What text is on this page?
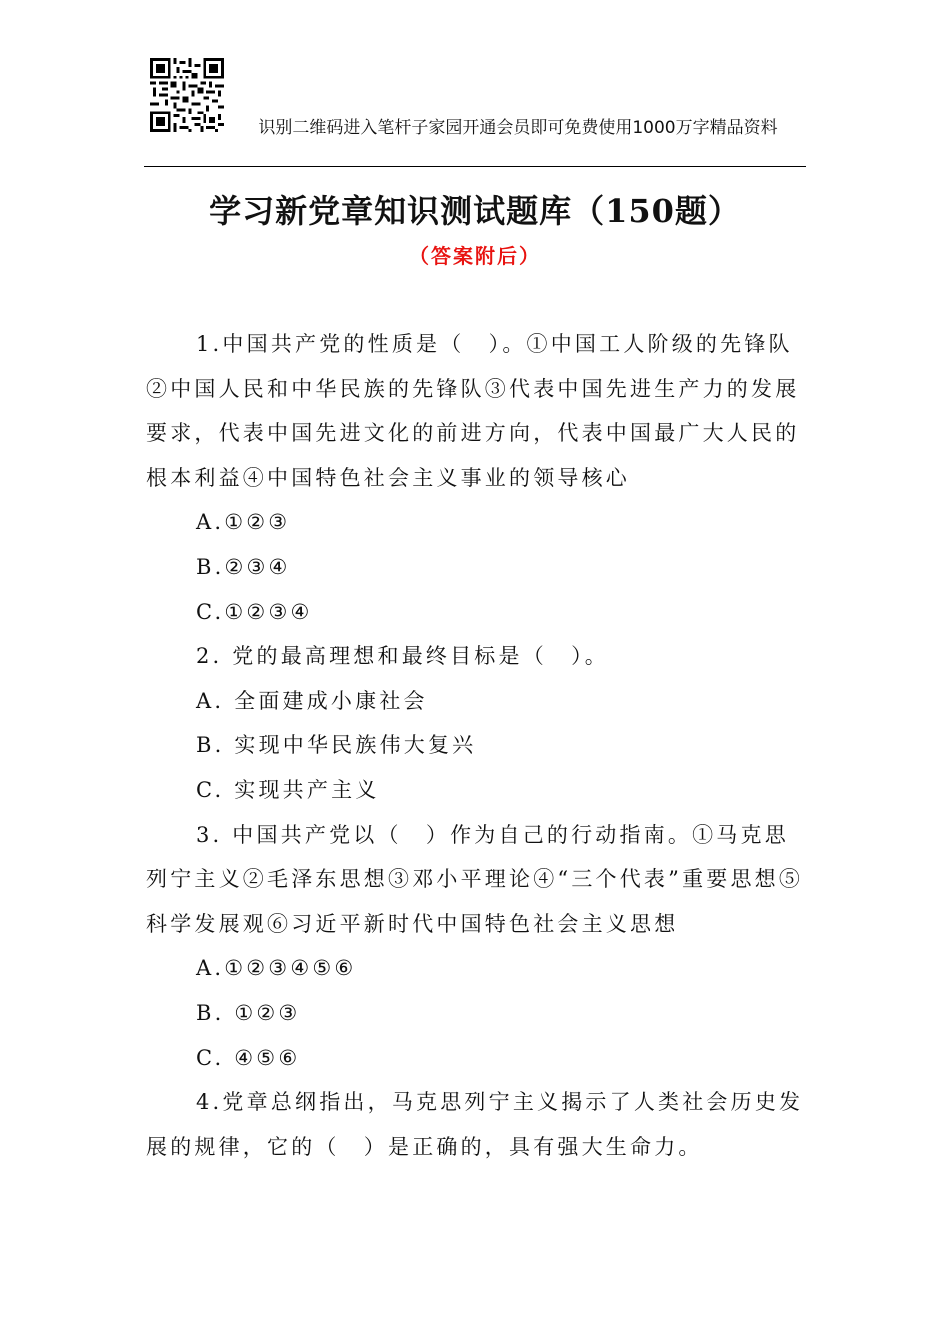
识别二维码进入笔杆子家园开通会员即可免费使用1000万字精品资料
学习新党章知识测试题库（150题）
（答案附后）

1.中国共产党的性质是（　）。①中国工人阶级的先锋队②中国人民和中华民族的先锋队③代表中国先进生产力的发展要求，代表中国先进文化的前进方向，代表中国最广大人民的根本利益④中国特色社会主义事业的领导核心

A.①②③

B.②③④

C.①②③④

2. 党的最高理想和最终目标是（　）。

A. 全面建成小康社会

B. 实现中华民族伟大复兴

C. 实现共产主义

3. 中国共产党以（　）作为自己的行动指南。①马克思列宁主义②毛泽东思想③邓小平理论④“三个代表”重要思想⑤科学发展观⑥习近平新时代中国特色社会主义思想

A.①②③④⑤⑥

B. ①②③

C. ④⑤⑥

4.党章总纲指出，马克思列宁主义揭示了人类社会历史发展的规律，它的（　）是正确的，具有强大生命力。
